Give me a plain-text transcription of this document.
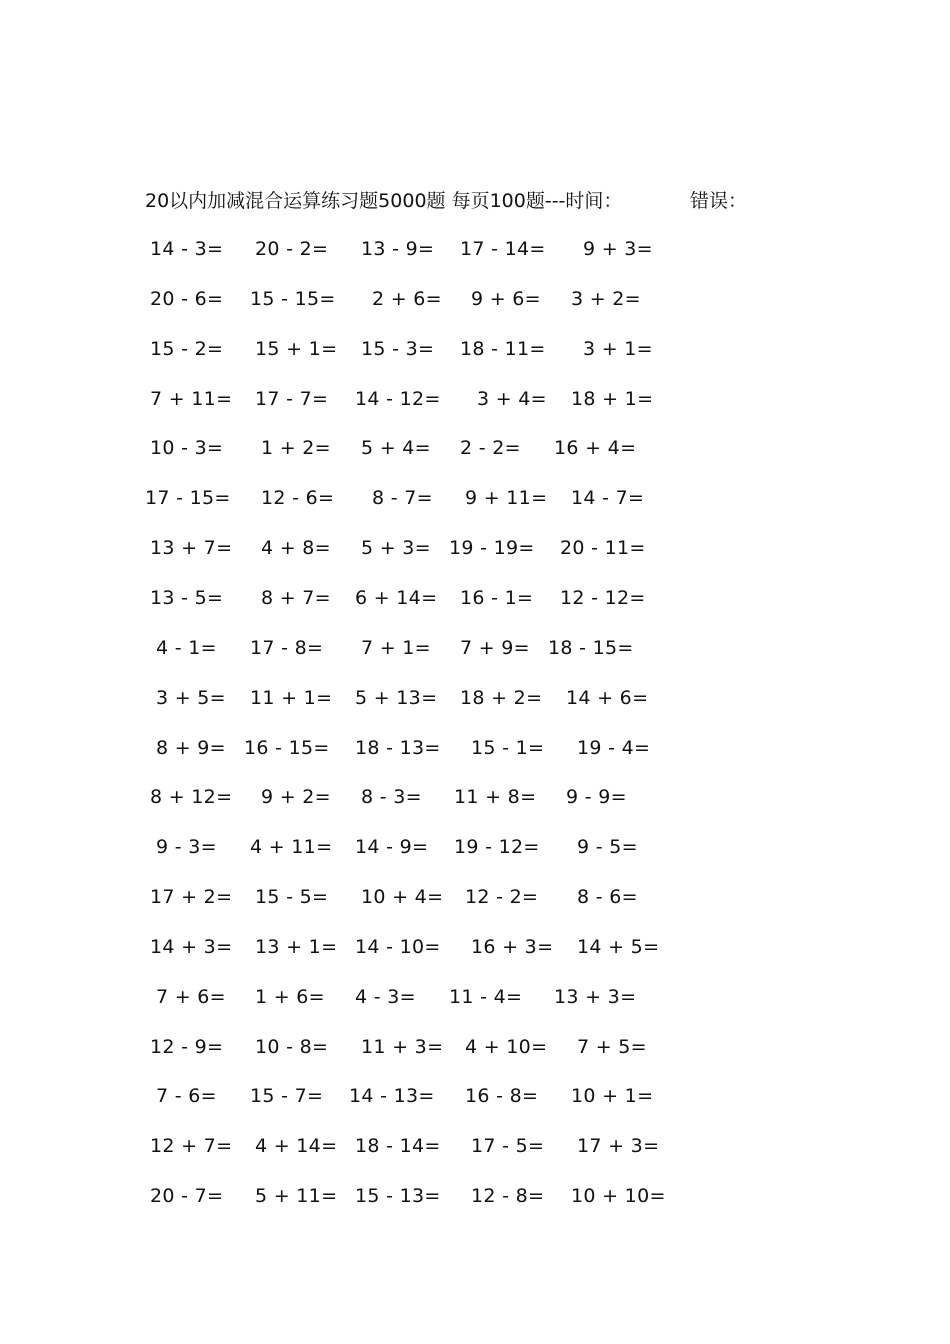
20以内加减混合运算练习题5000题 每页100题---时间：	错误：
14 - 3= 20 - 2= 13 - 9= 17 - 14= 9 + 3=
20 - 6= 15 - 15= 2 + 6= 9 + 6= 3 + 2=
15 - 2= 15 + 1= 15 - 3= 18 - 11= 3 + 1=
7 + 11= 17 - 7= 14 - 12= 3 + 4= 18 + 1=
10 - 3= 1 + 2= 5 + 4= 2 - 2= 16 + 4=
17 - 15= 12 - 6= 8 - 7= 9 + 11= 14 - 7=
13 + 7= 4 + 8= 5 + 3= 19 - 19= 20 - 11=
13 - 5= 8 + 7= 6 + 14= 16 - 1= 12 - 12=
4 - 1= 17 - 8= 7 + 1= 7 + 9= 18 - 15=
3 + 5= 11 + 1= 5 + 13= 18 + 2= 14 + 6=
8 + 9= 16 - 15= 18 - 13= 15 - 1= 19 - 4=
8 + 12= 9 + 2= 8 - 3= 11 + 8= 9 - 9=
9 - 3= 4 + 11= 14 - 9= 19 - 12= 9 - 5=
17 + 2= 15 - 5= 10 + 4= 12 - 2= 8 - 6=
14 + 3= 13 + 1= 14 - 10= 16 + 3= 14 + 5=
7 + 6= 1 + 6= 4 - 3= 11 - 4= 13 + 3=
12 - 9= 10 - 8= 11 + 3= 4 + 10= 7 + 5=
7 - 6= 15 - 7= 14 - 13= 16 - 8= 10 + 1=
12 + 7= 4 + 14= 18 - 14= 17 - 5= 17 + 3=
20 - 7= 5 + 11= 15 - 13= 12 - 8= 10 + 10=
